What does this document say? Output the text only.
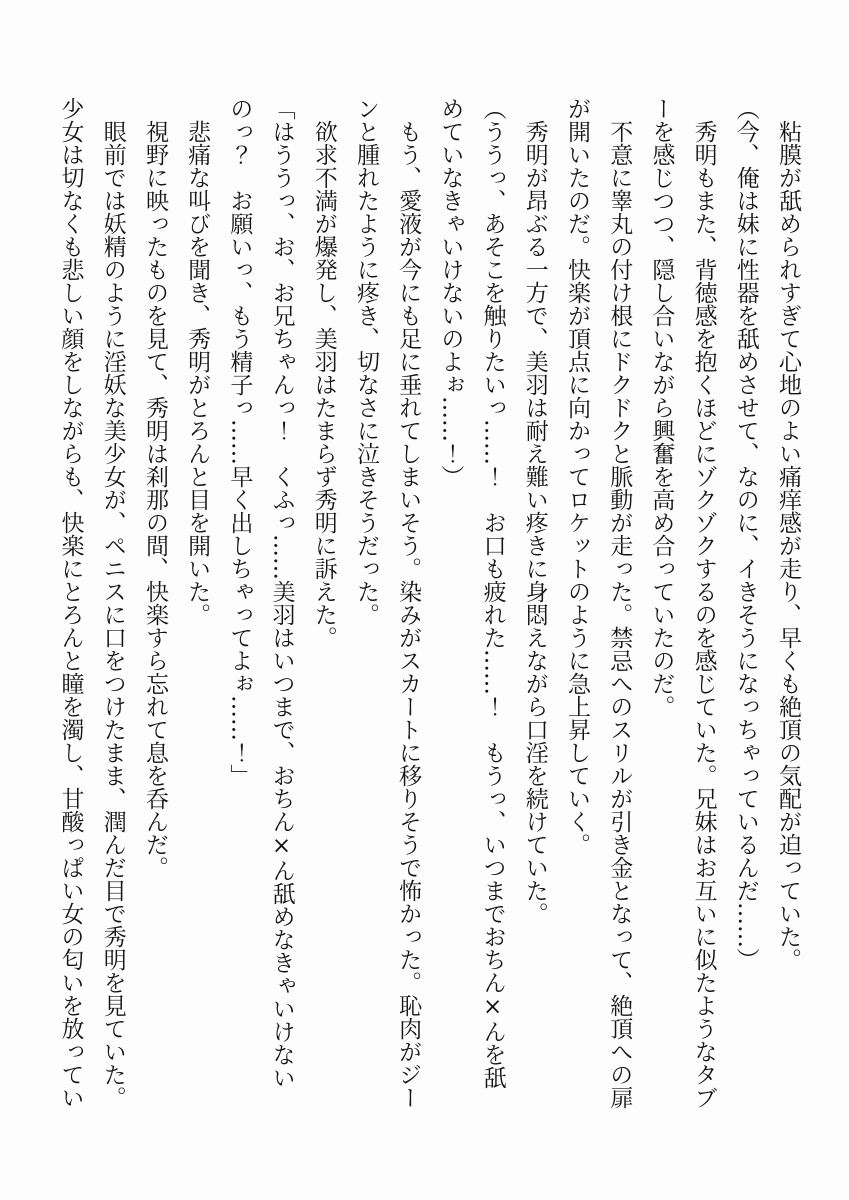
粘膜が舐められすぎて心地のよい痛痒感が走り、早くも絶頂の気配が迫っていた。

（今、俺は妹に性器を舐めさせて、なのに、イきそうになっちゃっているんだ……）

秀明もまた、背徳感を抱くほどにゾクゾクするのを感じていた。兄妹はお互いに似たようなタブーを感じつつ、隠し合いながら興奮を高め合っていたのだ。

不意に睾丸の付け根にドクドクと脈動が走った。禁忌へのスリルが引き金となって、絶頂への扉が開いたのだ。快楽が頂点に向かってロケットのように急上昇していく。

秀明が昂ぶる一方で、美羽は耐え難い疼きに身悶えながら口淫を続けていた。

（ううっ、あそこを触りたいっ……！　お口も疲れた……！　もうっ、いつまでおちん×んを舐めていなきゃいけないのよぉ……！）

もう、愛液が今にも足に垂れてしまいそう。染みがスカートに移りそうで怖かった。恥肉がジーンと腫れたように疼き、切なさに泣きそうだった。

欲求不満が爆発し、美羽はたまらず秀明に訴えた。

「はううっ、お、お兄ちゃんっ！　くふっ……美羽はいつまで、おちん×ん舐めなきゃいけないのっ？　お願いっ、もう精子っ……早く出しちゃってよぉ……！」

悲痛な叫びを聞き、秀明がとろんと目を開いた。

視野に映ったものを見て、秀明は刹那の間、快楽すら忘れて息を呑んだ。

眼前では妖精のように淫妖な美少女が、ペニスに口をつけたまま、潤んだ目で秀明を見ていた。少女は切なくも悲しい顔をしながらも、快楽にとろんと瞳を濁し、甘酸っぱい女の匂いを放ってい
